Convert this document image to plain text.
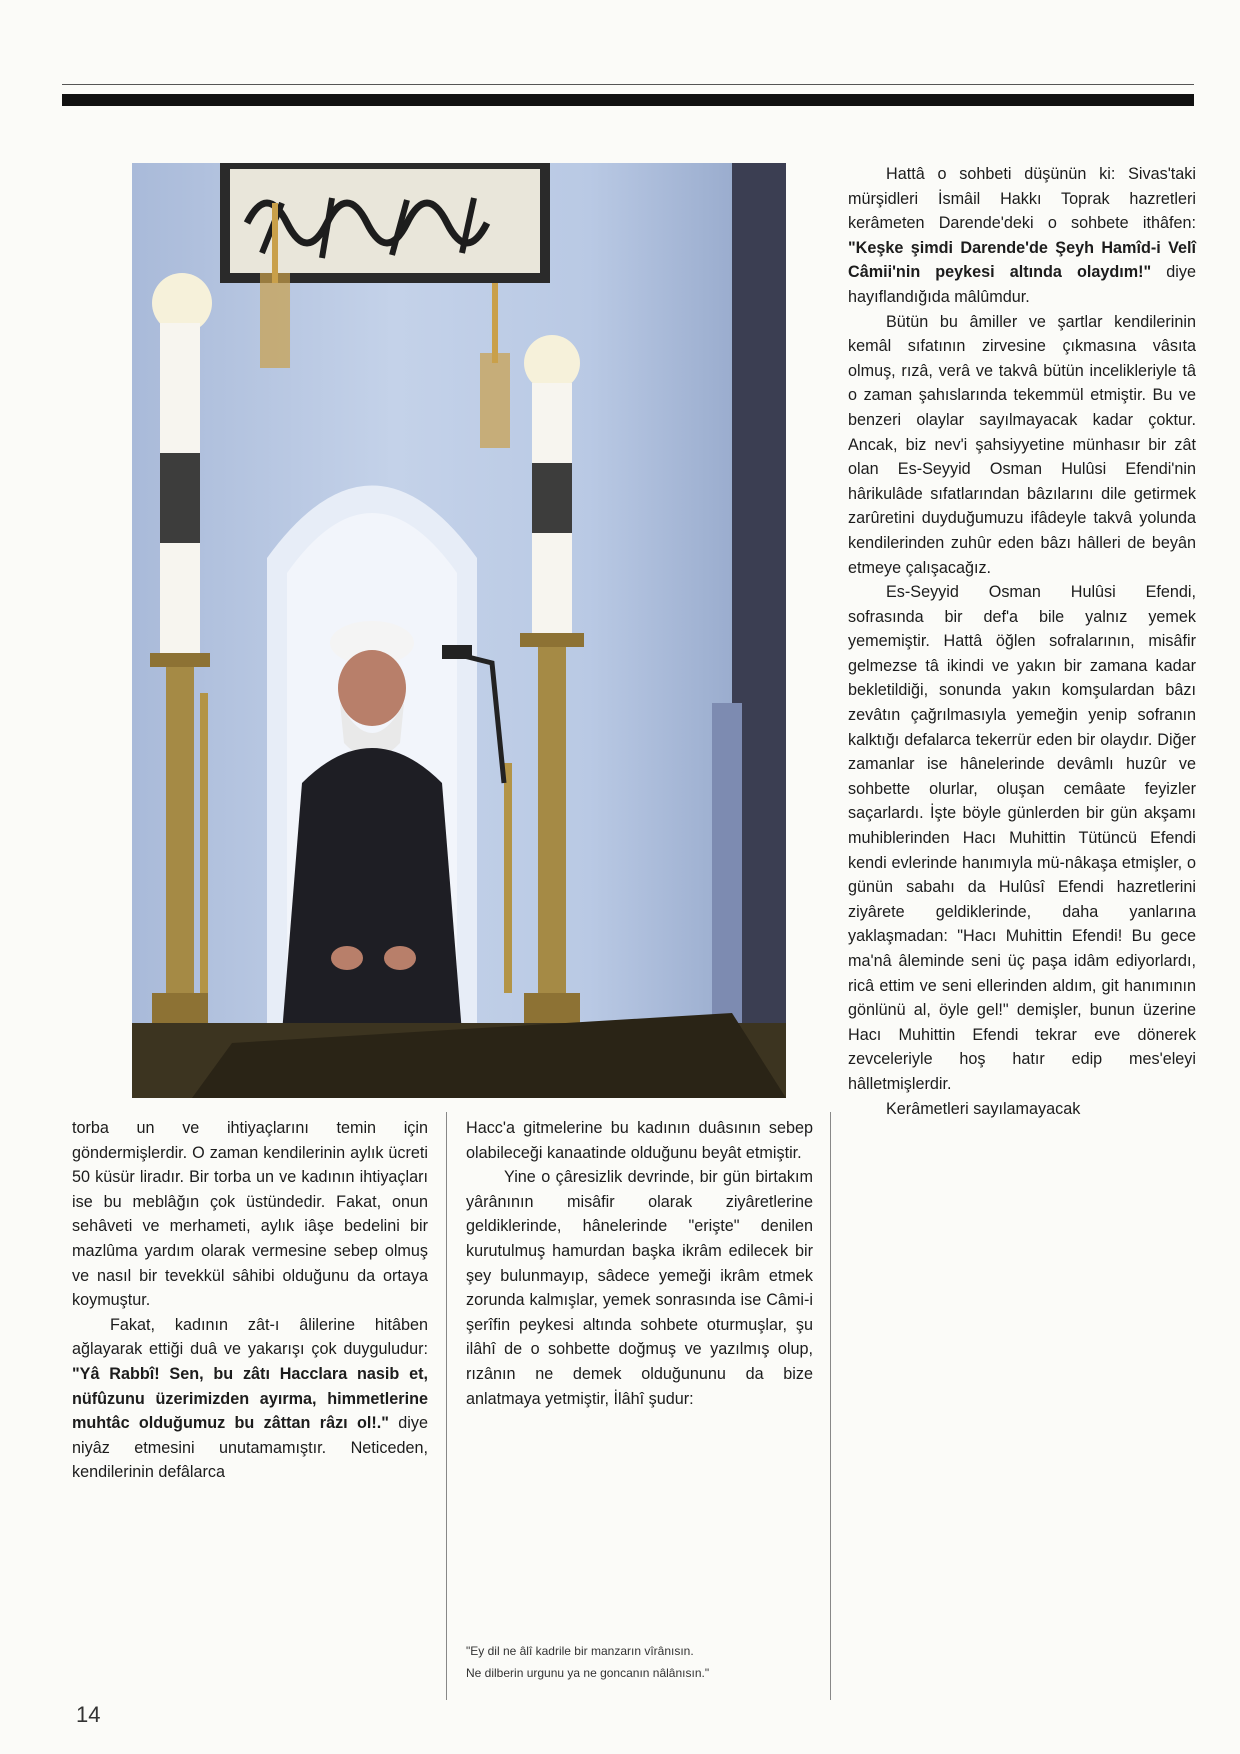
torba un ve ihtiyaçlarını temin için göndermişlerdir. O zaman kendilerinin aylık ücreti 50 küsür liradır. Bir torba un ve kadının ihtiyaçları ise bu meblâğın çok üstündedir. Fakat, onun sehâveti ve merhameti, aylık iâşe bedelini bir mazlûma yardım olarak vermesine sebep olmuş ve nasıl bir tevekkül sâhibi olduğunu da ortaya koymuştur.

Fakat, kadının zât-ı âlilerine hitâben ağlayarak ettiği duâ ve yakarışı çok duyguludur: "Yâ Rabbî! Sen, bu zâtı Hacclara nasib et, nüfûzunu üzerimizden ayırma, himmetlerine muhtâc olduğumuz bu zâttan râzı ol!." diye niyâz etmesini unutamamıştır. Neticeden, kendilerinin defâlarca

Hacc'a gitmelerine bu kadının duâsının sebep olabileceği kanaatinde olduğunu beyât etmiştir.

Yine o çâresizlik devrinde, bir gün birtakım yârânının misâfir olarak ziyâretlerine geldiklerinde, hânelerinde "erişte" denilen kurutulmuş hamurdan başka ikrâm edilecek bir şey bulunmayıp, sâdece yemeği ikrâm etmek zorunda kalmışlar, yemek sonrasında ise Câmi-i şerîfin peykesi altında sohbete oturmuşlar, şu ilâhî de o sohbette doğmuş ve yazılmış olup, rızânın ne demek olduğununu da bize anlatmaya yetmiştir, İlâhî şudur:

"Ey dil ne âlî kadrile bir manzarın vîrânısın.

Ne dilberin urgunu ya ne goncanın nâlânısın."

Hattâ o sohbeti düşünün ki: Sivas'taki mürşidleri İsmâil Hakkı Toprak hazretleri kerâmeten Darende'deki o sohbete ithâfen: "Keşke şimdi Darende'de Şeyh Hamîd-i Velî Câmii'nin peykesi altında olaydım!" diye hayıflandığıda mâlûmdur.

Bütün bu âmiller ve şartlar kendilerinin kemâl sıfatının zirvesine çıkmasına vâsıta olmuş, rızâ, verâ ve takvâ bütün incelikleriyle tâ o zaman şahıslarında tekemmül etmiştir. Bu ve benzeri olaylar sayılmayacak kadar çoktur. Ancak, biz nev'i şahsiyyetine münhasır bir zât olan Es-Seyyid Osman Hulûsi Efendi'nin hârikulâde sıfatlarından bâzılarını dile getirmek zarûretini duyduğumuzu ifâdeyle takvâ yolunda kendilerinden zuhûr eden bâzı hâlleri de beyân etmeye çalışacağız.

Es-Seyyid Osman Hulûsi Efendi, sofrasında bir def'a bile yalnız yemek yememiştir. Hattâ öğlen sofralarının, misâfir gelmezse tâ ikindi ve yakın bir zamana kadar bekletildiği, sonunda yakın komşulardan bâzı zevâtın çağrılmasıyla yemeğin yenip sofranın kalktığı defalarca tekerrür eden bir olaydır. Diğer zamanlar ise hânelerinde devâmlı huzûr ve sohbette olurlar, oluşan cemâate feyizler saçarlardı. İşte böyle günlerden bir gün akşamı muhiblerinden Hacı Muhittin Tütüncü Efendi kendi evlerinde hanımıyla mü-nâkaşa etmişler, o günün sabahı da Hulûsî Efendi hazretlerini ziyârete geldiklerinde, daha yanlarına yaklaşmadan: "Hacı Muhittin Efendi! Bu gece ma'nâ âleminde seni üç paşa idâm ediyorlardı, ricâ ettim ve seni ellerinden aldım, git hanımının gönlünü al, öyle gel!" demişler, bunun üzerine Hacı Muhittin Efendi tekrar eve dönerek zevceleriyle hoş hatır edip mes'eleyi hâlletmişlerdir.

Kerâmetleri sayılamayacak

14
